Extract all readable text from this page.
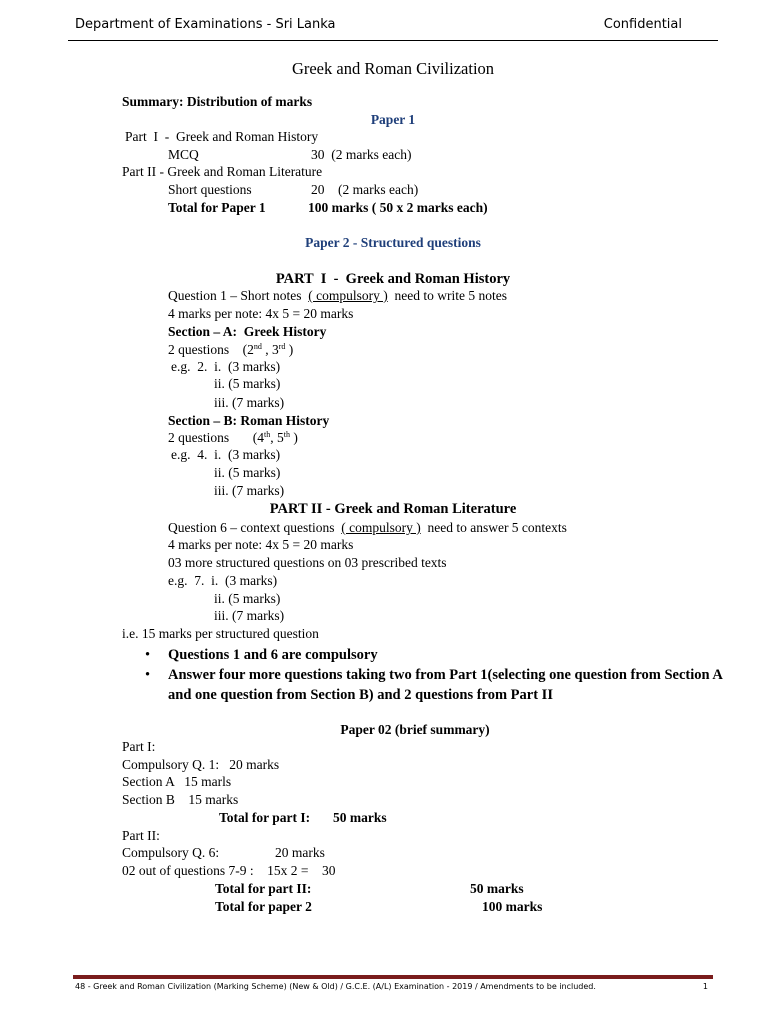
Department of Examinations - Sri Lanka	Confidential
Greek and Roman Civilization
Summary: Distribution of marks
Paper 1
Part  I  -  Greek and Roman History
MCQ	30  (2 marks each)
Part II - Greek and Roman Literature
Short questions	20    (2 marks each)
Total for Paper 1	100 marks ( 50 x 2 marks each)
Paper 2 - Structured questions
PART  I  -  Greek and Roman History
Question 1 – Short notes  ( compulsory )  need to write 5 notes
4 marks per note: 4x 5 = 20 marks
Section – A:  Greek History
2 questions    (2nd , 3rd )
e.g.  2.  i.  (3 marks)
ii. (5 marks)
iii. (7 marks)
Section – B: Roman History
2 questions       (4th, 5th )
e.g.  4.  i.  (3 marks)
ii. (5 marks)
iii. (7 marks)
PART II - Greek and Roman Literature
Question 6 – context questions  ( compulsory )  need to answer 5 contexts
4 marks per note: 4x 5 = 20 marks
03 more structured questions on 03 prescribed texts
e.g.  7.  i.  (3 marks)
ii. (5 marks)
iii. (7 marks)
i.e. 15 marks per structured question
• Questions 1 and 6 are compulsory
• Answer four more questions taking two from Part 1(selecting one question from Section A and one question from Section B) and 2 questions from Part II
Paper 02 (brief summary)
Part I:
Compulsory Q. 1:   20 marks
Section A   15 marls
Section B    15 marks
Total for part I: 50 marks
Part II:
Compulsory Q. 6:	20 marks
02 out of questions 7-9 :    15x 2 =    30
Total for part II:	50 marks
Total for paper 2	100 marks
48 - Greek and Roman Civilization (Marking Scheme) (New & Old) / G.C.E. (A/L) Examination - 2019 / Amendments to be included.	1
